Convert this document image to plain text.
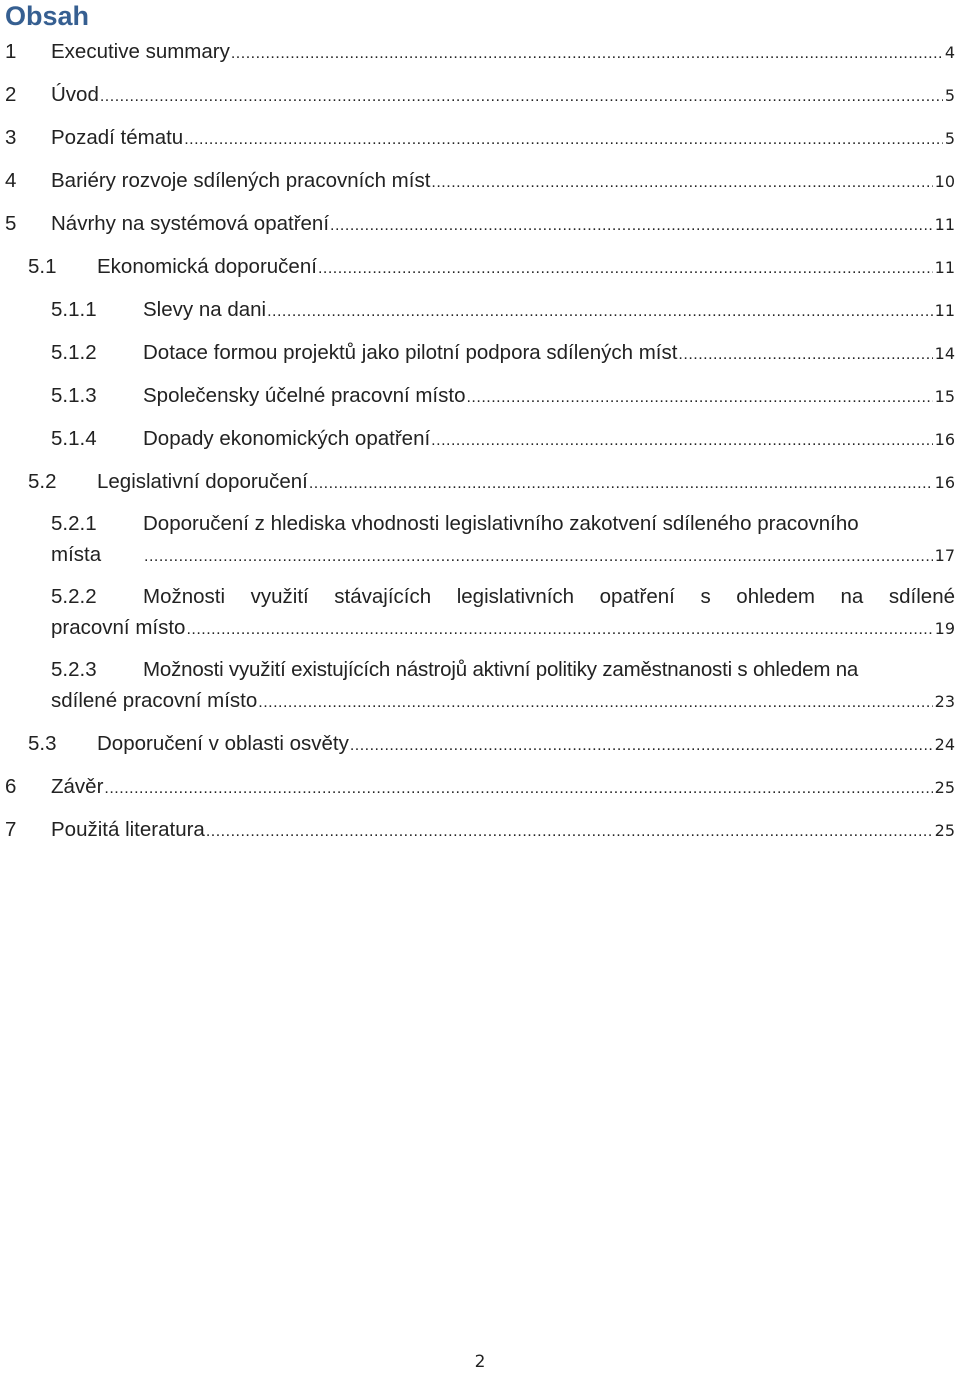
Obsah
1	Executive summary .....	4
2	Úvod .....	5
3	Pozadí tématu .....	5
4	Bariéry rozvoje sdílených pracovních míst .....	10
5	Návrhy na systémová opatření .....	11
5.1	Ekonomická doporučení .....	11
5.1.1	Slevy na dani .....	11
5.1.2	Dotace formou projektů jako pilotní podpora sdílených míst .....	14
5.1.3	Společensky účelné pracovní místo .....	15
5.1.4	Dopady ekonomických opatření .....	16
5.2	Legislativní doporučení .....	16
5.2.1	Doporučení z hlediska vhodnosti legislativního zakotvení sdíleného pracovního
místa .....	17
5.2.2	Možnosti využití stávajících legislativních opatření s ohledem na sdílené
pracovní místo .....	19
5.2.3	Možnosti využití existujících nástrojů aktivní politiky zaměstnanosti s ohledem na
sdílené pracovní místo .....	23
5.3	Doporučení v oblasti osvěty .....	24
6	Závěr .....	25
7	Použitá literatura .....	25
2
